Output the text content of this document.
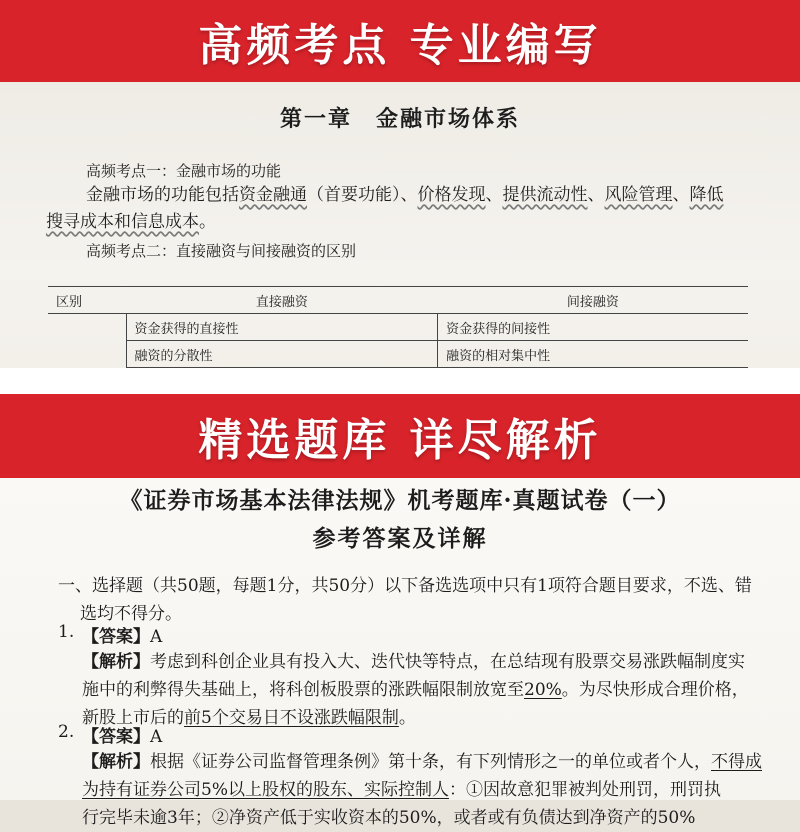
高频考点 专业编写
第一章　金融市场体系
高频考点一：金融市场的功能
金融市场的功能包括资金融通（首要功能）、价格发现、提供流动性、风险管理、降低
搜寻成本和信息成本。
高频考点二：直接融资与间接融资的区别
区别	直接融资	间接融资
	资金获得的直接性	资金获得的间接性
	融资的分散性	融资的相对集中性
精选题库 详尽解析
《证券市场基本法律法规》机考题库·真题试卷（一）
参考答案及详解
一、选择题（共50题，每题1分，共50分）以下备选选项中只有1项符合题目要求，不选、错
选均不得分。
1. 【答案】A
【解析】考虑到科创企业具有投入大、迭代快等特点，在总结现有股票交易涨跌幅制度实
施中的利弊得失基础上，将科创板股票的涨跌幅限制放宽至20%。为尽快形成合理价格，
新股上市后的前5个交易日不设涨跌幅限制。
2. 【答案】A
【解析】根据《证券公司监督管理条例》第十条，有下列情形之一的单位或者个人，不得成
为持有证券公司5%以上股权的股东、实际控制人：①因故意犯罪被判处刑罚，刑罚执
行完毕未逾3年；②净资产低于实收资本的50%，或者或有负债达到净资产的50%
